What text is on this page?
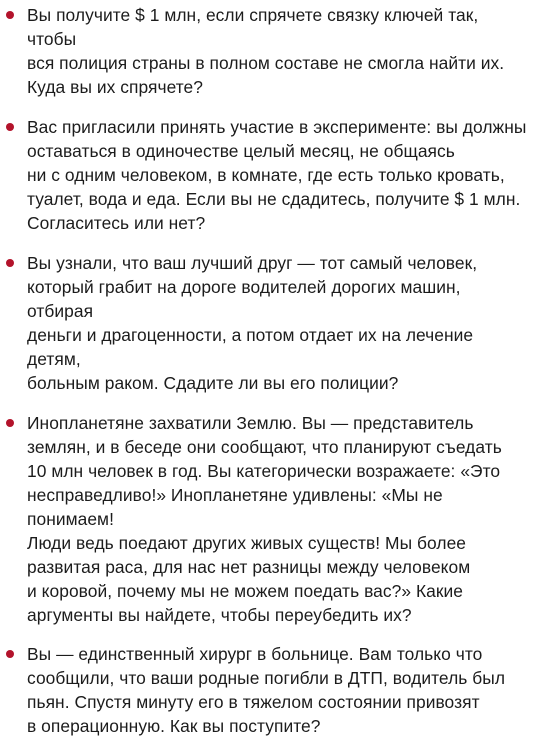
Вы получите $ 1 млн, если спрячете связку ключей так, чтобы
вся полиция страны в полном составе не смогла найти их.
Куда вы их спрячете?
Вас пригласили принять участие в эксперименте: вы должны
оставаться в одиночестве целый месяц, не общаясь
ни с одним человеком, в комнате, где есть только кровать,
туалет, вода и еда. Если вы не сдадитесь, получите $ 1 млн.
Согласитесь или нет?
Вы узнали, что ваш лучший друг — тот самый человек,
который грабит на дороге водителей дорогих машин, отбирая
деньги и драгоценности, а потом отдает их на лечение детям,
больным раком. Сдадите ли вы его полиции?
Инопланетяне захватили Землю. Вы — представитель
землян, и в беседе они сообщают, что планируют съедать
10 млн человек в год. Вы категорически возражаете: «Это
несправедливо!» Инопланетяне удивлены: «Мы не понимаем!
Люди ведь поедают других живых существ! Мы более
развитая раса, для нас нет разницы между человеком
и коровой, почему мы не можем поедать вас?» Какие
аргументы вы найдете, чтобы переубедить их?
Вы — единственный хирург в больнице. Вам только что
сообщили, что ваши родные погибли в ДТП, водитель был
пьян. Спустя минуту его в тяжелом состоянии привозят
в операционную. Как вы поступите?
